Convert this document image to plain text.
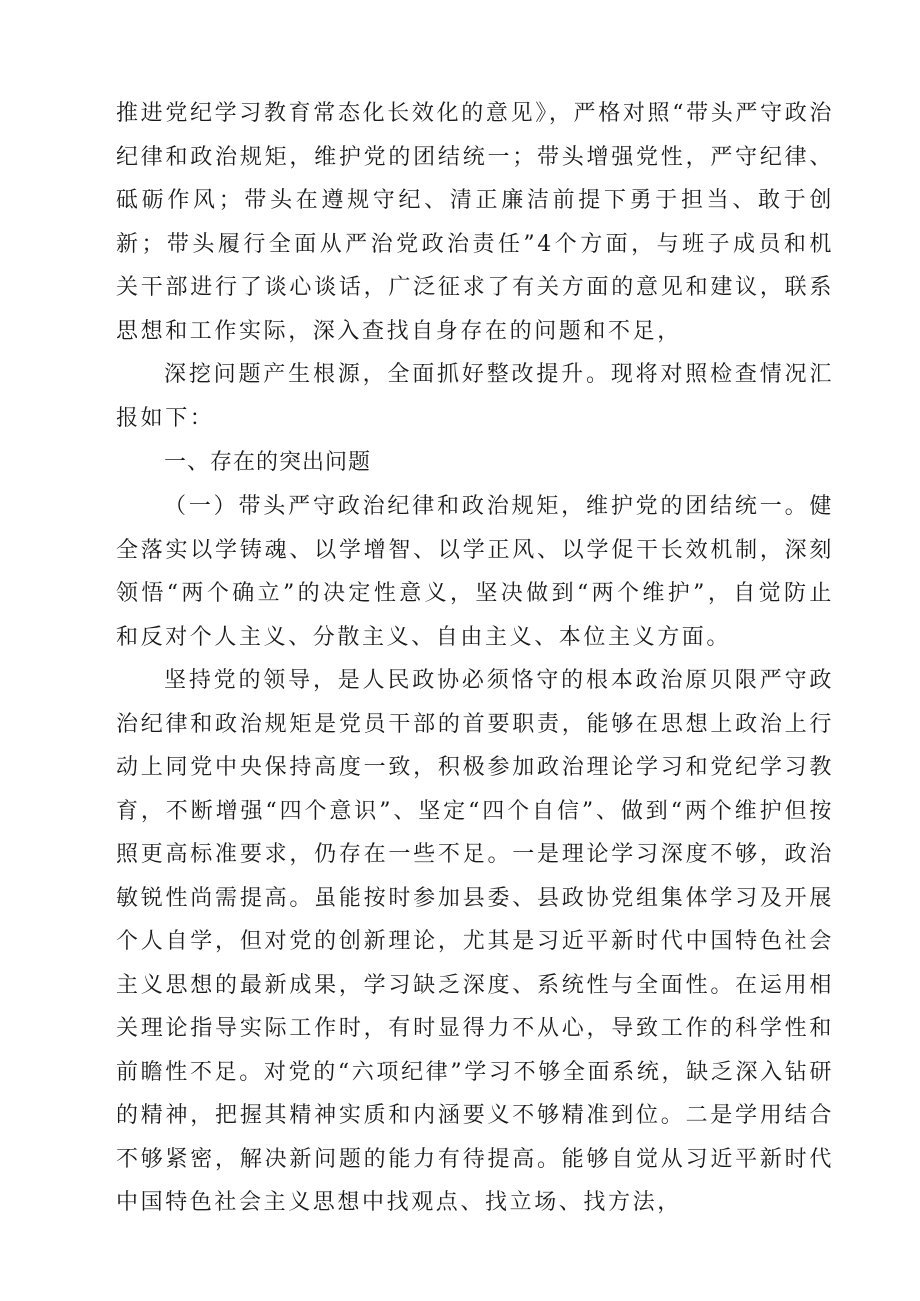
推进党纪学习教育常态化长效化的意见》，严格对照“带头严守政治纪律和政治规矩，维护党的团结统一；带头增强党性，严守纪律、砥砺作风；带头在遵规守纪、清正廉洁前提下勇于担当、敢于创新；带头履行全面从严治党政治责任”4个方面，与班子成员和机关干部进行了谈心谈话，广泛征求了有关方面的意见和建议，联系思想和工作实际，深入查找自身存在的问题和不足，

深挖问题产生根源，全面抓好整改提升。现将对照检查情况汇报如下：

一、存在的突出问题

（一）带头严守政治纪律和政治规矩，维护党的团结统一。健全落实以学铸魂、以学增智、以学正风、以学促干长效机制，深刻领悟“两个确立”的决定性意义，坚决做到“两个维护”，自觉防止和反对个人主义、分散主义、自由主义、本位主义方面。

坚持党的领导，是人民政协必须恪守的根本政治原贝限严守政治纪律和政治规矩是党员干部的首要职责，能够在思想上政治上行动上同党中央保持高度一致，积极参加政治理论学习和党纪学习教育，不断增强“四个意识”、坚定“四个自信”、做到“两个维护但按照更高标准要求，仍存在一些不足。一是理论学习深度不够，政治敏锐性尚需提高。虽能按时参加县委、县政协党组集体学习及开展个人自学，但对党的创新理论，尤其是习近平新时代中国特色社会主义思想的最新成果，学习缺乏深度、系统性与全面性。在运用相关理论指导实际工作时，有时显得力不从心，导致工作的科学性和前瞻性不足。对党的“六项纪律”学习不够全面系统，缺乏深入钻研的精神，把握其精神实质和内涵要义不够精准到位。二是学用结合不够紧密，解决新问题的能力有待提高。能够自觉从习近平新时代中国特色社会主义思想中找观点、找立场、找方法，
